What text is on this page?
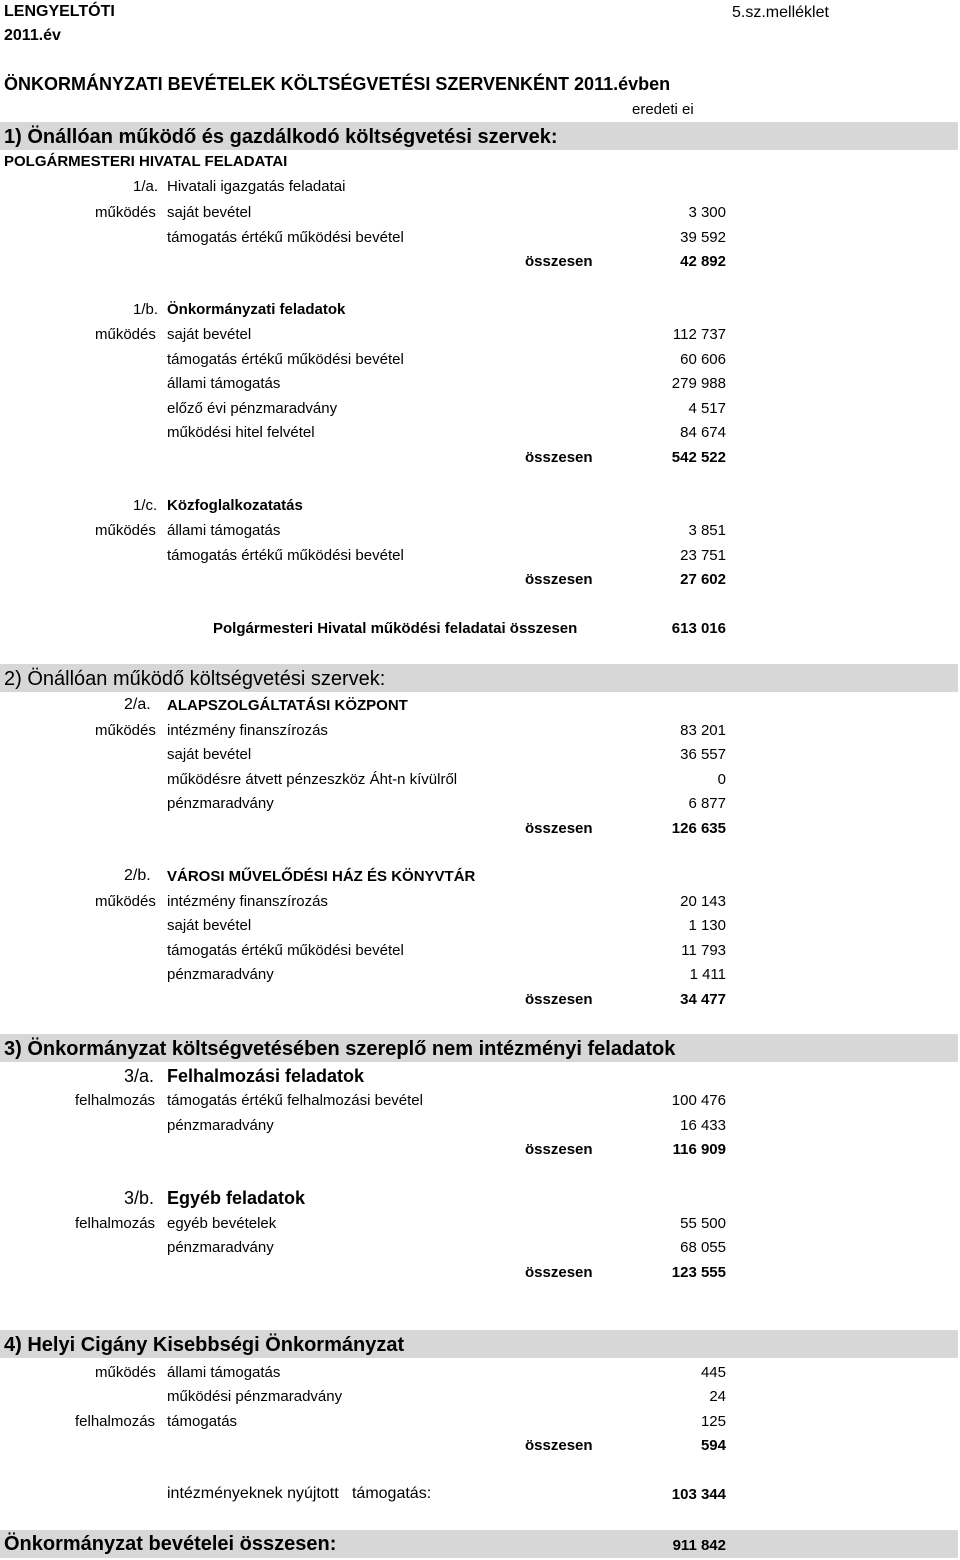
LENGYELTÓTI
2011.év
5.sz.melléklet
ÖNKORMÁNYZATI BEVÉTELEK KÖLTSÉGVETÉSI SZERVENKÉNT 2011.évben
eredeti ei
1) Önállóan működő és gazdálkodó költségvetési szervek:
POLGÁRMESTERI HIVATAL FELADATAI
1/a. Hivatali igazgatás feladatai
működés saját bevétel	3 300
támogatás értékű működési bevétel	39 592
összesen	42 892
1/b. Önkormányzati feladatok
működés saját bevétel	112 737
támogatás értékű működési bevétel	60 606
állami támogatás	279 988
előző évi pénzmaradvány	4 517
működési hitel felvétel	84 674
összesen	542 522
1/c. Közfoglalkozatatás
működés állami támogatás	3 851
támogatás értékű működési bevétel	23 751
összesen	27 602
Polgármesteri Hivatal működési feladatai összesen	613 016
2) Önállóan működő költségvetési szervek:
2/a. ALAPSZOLGÁLTATÁSI KÖZPONT
működés intézmény finanszírozás	83 201
saját bevétel	36 557
működésre átvett pénzeszköz Áht-n kívülről	0
pénzmaradvány	6 877
összesen	126 635
2/b. VÁROSI MŰVELŐDÉSI HÁZ ÉS KÖNYVTÁR
működés intézmény finanszírozás	20 143
saját bevétel	1 130
támogatás értékű működési bevétel	11 793
pénzmaradvány	1 411
összesen	34 477
3) Önkormányzat költségvetésében szereplő nem intézményi feladatok
3/a. Felhalmozási feladatok
felhalmozás támogatás értékű felhalmozási bevétel	100 476
pénzmaradvány	16 433
összesen	116 909
3/b. Egyéb feladatok
felhalmozás egyéb bevételek	55 500
pénzmaradvány	68 055
összesen	123 555
4) Helyi Cigány Kisebbségi Önkormányzat
működés állami támogatás	445
működési pénzmaradvány	24
felhalmozás támogatás	125
összesen	594
intézményeknek nyújtott   támogatás:	103 344
Önkormányzat bevételei összesen:	911 842
